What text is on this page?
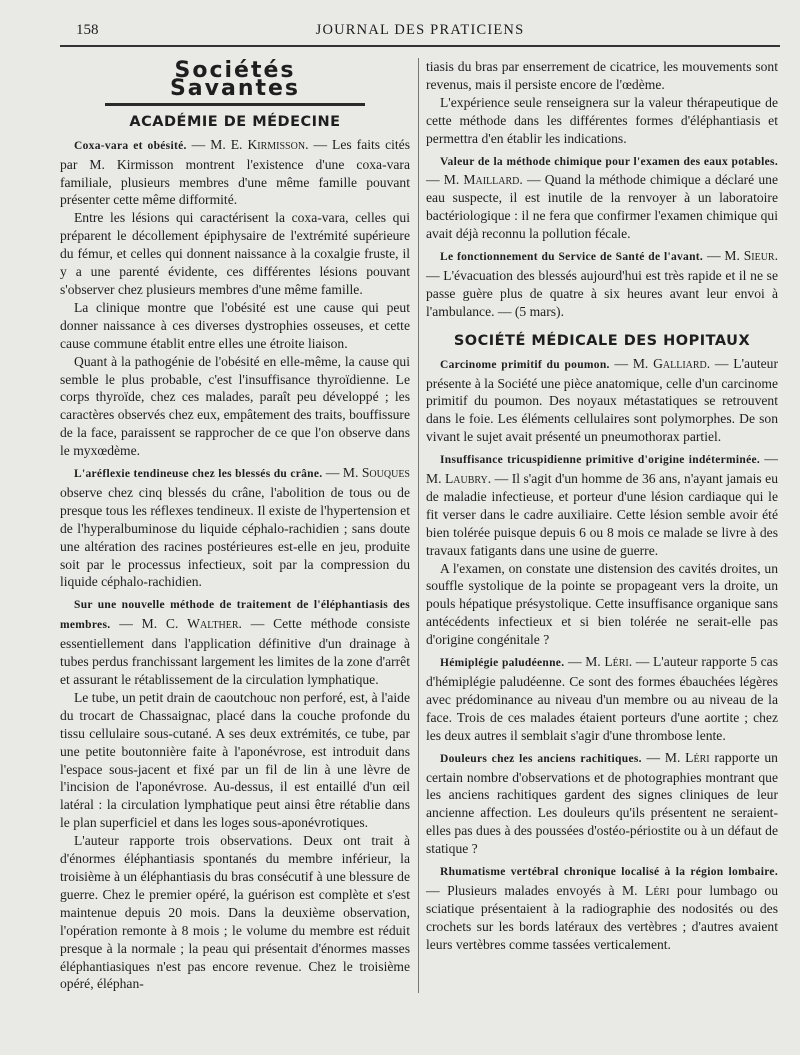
158	JOURNAL DES PRATICIENS
Sociétés Savantes
ACADÉMIE DE MÉDECINE

Coxa-vara et obésité. — M. E. Kirmisson. — Les faits cités par M. Kirmisson montrent l'existence d'une coxa-vara familiale, plusieurs membres d'une même famille pouvant présenter cette même difformité.

Entre les lésions qui caractérisent la coxa-vara, celles qui préparent le décollement épiphysaire de l'extrémité supérieure du fémur, et celles qui donnent naissance à la coxalgie fruste, il y a une parenté évidente, ces différentes lésions pouvant s'observer chez plusieurs membres d'une même famille.

La clinique montre que l'obésité est une cause qui peut donner naissance à ces diverses dystrophies osseuses, et cette cause commune établit entre elles une étroite liaison.

Quant à la pathogénie de l'obésité en elle-même, la cause qui semble le plus probable, c'est l'insuffisance thyroïdienne. Le corps thyroïde, chez ces malades, paraît peu développé ; les caractères observés chez eux, empâtement des traits, bouffissure de la face, paraissent se rapprocher de ce que l'on observe dans le myxœdème.

L'aréflexie tendineuse chez les blessés du crâne. — M. Souques observe chez cinq blessés du crâne, l'abolition de tous ou de presque tous les réflexes tendineux. Il existe de l'hypertension et de l'hyperalbuminose du liquide céphalo-rachidien ; sans doute une altération des racines postérieures est-elle en jeu, produite soit par le processus infectieux, soit par la compression du liquide céphalo-rachidien.

Sur une nouvelle méthode de traitement de l'éléphantiasis des membres. — M. C. Walther. — Cette méthode consiste essentiellement dans l'application définitive d'un drainage à tubes perdus franchissant largement les limites de la zone d'arrêt et assurant le rétablissement de la circulation lymphatique.

Le tube, un petit drain de caoutchouc non perforé, est, à l'aide du trocart de Chassaignac, placé dans la couche profonde du tissu cellulaire sous-cutané. A ses deux extrémités, ce tube, par une petite boutonnière faite à l'aponévrose, est introduit dans l'espace sous-jacent et fixé par un fil de lin à une lèvre de l'incision de l'aponévrose. Au-dessus, il est entaillé d'un œil latéral : la circulation lymphatique peut ainsi être rétablie dans le plan superficiel et dans les loges sous-aponévrotiques.

L'auteur rapporte trois observations. Deux ont trait à d'énormes éléphantiasis spontanés du membre inférieur, la troisième à un éléphantiasis du bras consécutif à une blessure de guerre. Chez le premier opéré, la guérison est complète et s'est maintenue depuis 20 mois. Dans la deuxième observation, l'opération remonte à 8 mois ; le volume du membre est réduit presque à la normale ; la peau qui présentait d'énormes masses éléphantiasiques n'est pas encore revenue. Chez le troisième opéré, éléphan-

tiasis du bras par enserrement de cicatrice, les mouvements sont revenus, mais il persiste encore de l'œdème.

L'expérience seule renseignera sur la valeur thérapeutique de cette méthode dans les différentes formes d'éléphantiasis et permettra d'en établir les indications.

Valeur de la méthode chimique pour l'examen des eaux potables. — M. Maillard. — Quand la méthode chimique a déclaré une eau suspecte, il est inutile de la renvoyer à un laboratoire bactériologique : il ne fera que confirmer l'examen chimique qui avait déjà reconnu la pollution fécale.

Le fonctionnement du Service de Santé de l'avant. — M. Sieur. — L'évacuation des blessés aujourd'hui est très rapide et il ne se passe guère plus de quatre à six heures avant leur envoi à l'ambulance. — (5 mars).

SOCIÉTÉ MÉDICALE DES HOPITAUX

Carcinome primitif du poumon. — M. Galliard. — L'auteur présente à la Société une pièce anatomique, celle d'un carcinome primitif du poumon. Des noyaux métastatiques se retrouvent dans le foie. Les éléments cellulaires sont polymorphes. De son vivant le sujet avait présenté un pneumothorax partiel.

Insuffisance tricuspidienne primitive d'origine indéterminée. — M. Laubry. — Il s'agit d'un homme de 36 ans, n'ayant jamais eu de maladie infectieuse, et porteur d'une lésion cardiaque qui le fit verser dans le cadre auxiliaire. Cette lésion semble avoir été bien tolérée puisque depuis 6 ou 8 mois ce malade se livre à des travaux fatigants dans une usine de guerre.

A l'examen, on constate une distension des cavités droites, un souffle systolique de la pointe se propageant vers la droite, un pouls hépatique présystolique. Cette insuffisance organique sans antécédents infectieux et si bien tolérée ne serait-elle pas d'origine congénitale ?

Hémiplégie paludéenne. — M. Léri. — L'auteur rapporte 5 cas d'hémiplégie paludéenne. Ce sont des formes ébauchées légères avec prédominance au niveau d'un membre ou au niveau de la face. Trois de ces malades étaient porteurs d'une aortite ; chez les deux autres il semblait s'agir d'une thrombose lente.

Douleurs chez les anciens rachitiques. — M. Léri rapporte un certain nombre d'observations et de photographies montrant que les anciens rachitiques gardent des signes cliniques de leur ancienne affection. Les douleurs qu'ils présentent ne seraient-elles pas dues à des poussées d'ostéo-périostite ou à un défaut de statique ?

Rhumatisme vertébral chronique localisé à la région lombaire. — Plusieurs malades envoyés à M. Léri pour lumbago ou sciatique présentaient à la radiographie des nodosités ou des crochets sur les bords latéraux des vertèbres ; d'autres avaient leurs vertèbres comme tassées verticalement.
